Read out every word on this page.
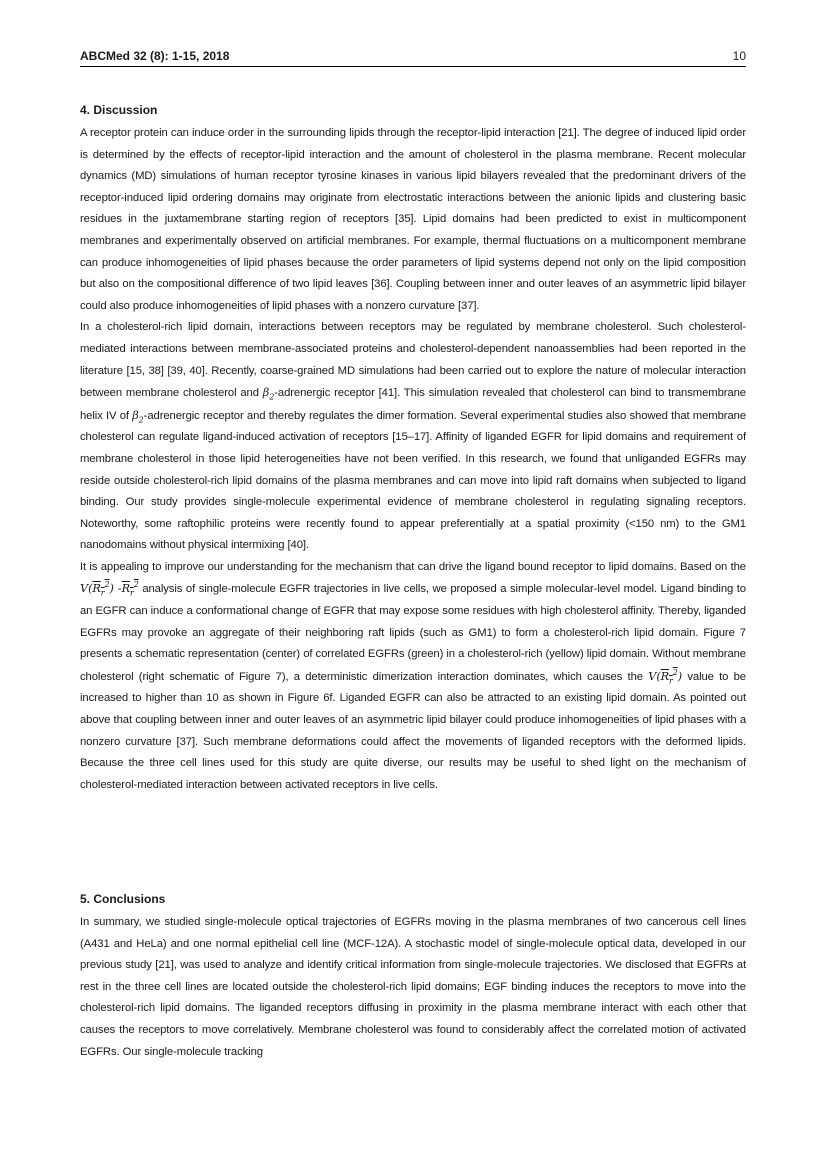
ABCMed 32 (8): 1-15, 2018	10
4. Discussion

A receptor protein can induce order in the surrounding lipids through the receptor-lipid interaction [21]. The degree of induced lipid order is determined by the effects of receptor-lipid interaction and the amount of cholesterol in the plasma membrane. Recent molecular dynamics (MD) simulations of human receptor tyrosine kinases in various lipid bilayers revealed that the predominant drivers of the receptor-induced lipid ordering domains may originate from electrostatic interactions between the anionic lipids and clustering basic residues in the juxtamembrane starting region of receptors [35]. Lipid domains had been predicted to exist in multicomponent membranes and experimentally observed on artificial membranes. For example, thermal fluctuations on a multicomponent membrane can produce inhomogeneities of lipid phases because the order parameters of lipid systems depend not only on the lipid composition but also on the compositional difference of two lipid leaves [36]. Coupling between inner and outer leaves of an asymmetric lipid bilayer could also produce inhomogeneities of lipid phases with a nonzero curvature [37].

In a cholesterol-rich lipid domain, interactions between receptors may be regulated by membrane cholesterol. Such cholesterol-mediated interactions between membrane-associated proteins and cholesterol-dependent nanoassemblies had been reported in the literature [15, 38] [39, 40]. Recently, coarse-grained MD simulations had been carried out to explore the nature of molecular interaction between membrane cholesterol and $\beta_2$-adrenergic receptor [41]. This simulation revealed that cholesterol can bind to transmembrane helix IV of $\beta_2$-adrenergic receptor and thereby regulates the dimer formation. Several experimental studies also showed that membrane cholesterol can regulate ligand-induced activation of receptors [15–17]. Affinity of liganded EGFR for lipid domains and requirement of membrane cholesterol in those lipid heterogeneities have not been verified. In this research, we found that unliganded EGFRs may reside outside cholesterol-rich lipid domains of the plasma membranes and can move into lipid raft domains when subjected to ligand binding. Our study provides single-molecule experimental evidence of membrane cholesterol in regulating signaling receptors. Noteworthy, some raftophilic proteins were recently found to appear preferentially at a spatial proximity (<150 nm) to the GM1 nanodomains without physical intermixing [40].

It is appealing to improve our understanding for the mechanism that can drive the ligand bound receptor to lipid domains. Based on the $V(R_r^2)$ $-R_r^2$ analysis of single-molecule EGFR trajectories in live cells, we proposed a simple molecular-level model. Ligand binding to an EGFR can induce a conformational change of EGFR that may expose some residues with high cholesterol affinity. Thereby, liganded EGFRs may provoke an aggregate of their neighboring raft lipids (such as GM1) to form a cholesterol-rich lipid domain. Figure 7 presents a schematic representation (center) of correlated EGFRs (green) in a cholesterol-rich (yellow) lipid domain. Without membrane cholesterol (right schematic of Figure 7), a deterministic dimerization interaction dominates, which causes the $V(R_r^2)$ value to be increased to higher than 10 as shown in Figure 6f. Liganded EGFR can also be attracted to an existing lipid domain. As pointed out above that coupling between inner and outer leaves of an asymmetric lipid bilayer could produce inhomogeneities of lipid phases with a nonzero curvature [37]. Such membrane deformations could affect the movements of liganded receptors with the deformed lipids. Because the three cell lines used for this study are quite diverse, our results may be useful to shed light on the mechanism of cholesterol-mediated interaction between activated receptors in live cells.

5. Conclusions

In summary, we studied single-molecule optical trajectories of EGFRs moving in the plasma membranes of two cancerous cell lines (A431 and HeLa) and one normal epithelial cell line (MCF-12A). A stochastic model of single-molecule optical data, developed in our previous study [21], was used to analyze and identify critical information from single-molecule trajectories. We disclosed that EGFRs at rest in the three cell lines are located outside the cholesterol-rich lipid domains; EGF binding induces the receptors to move into the cholesterol-rich lipid domains. The liganded receptors diffusing in proximity in the plasma membrane interact with each other that causes the receptors to move correlatively. Membrane cholesterol was found to considerably affect the correlated motion of activated EGFRs. Our single-molecule tracking
